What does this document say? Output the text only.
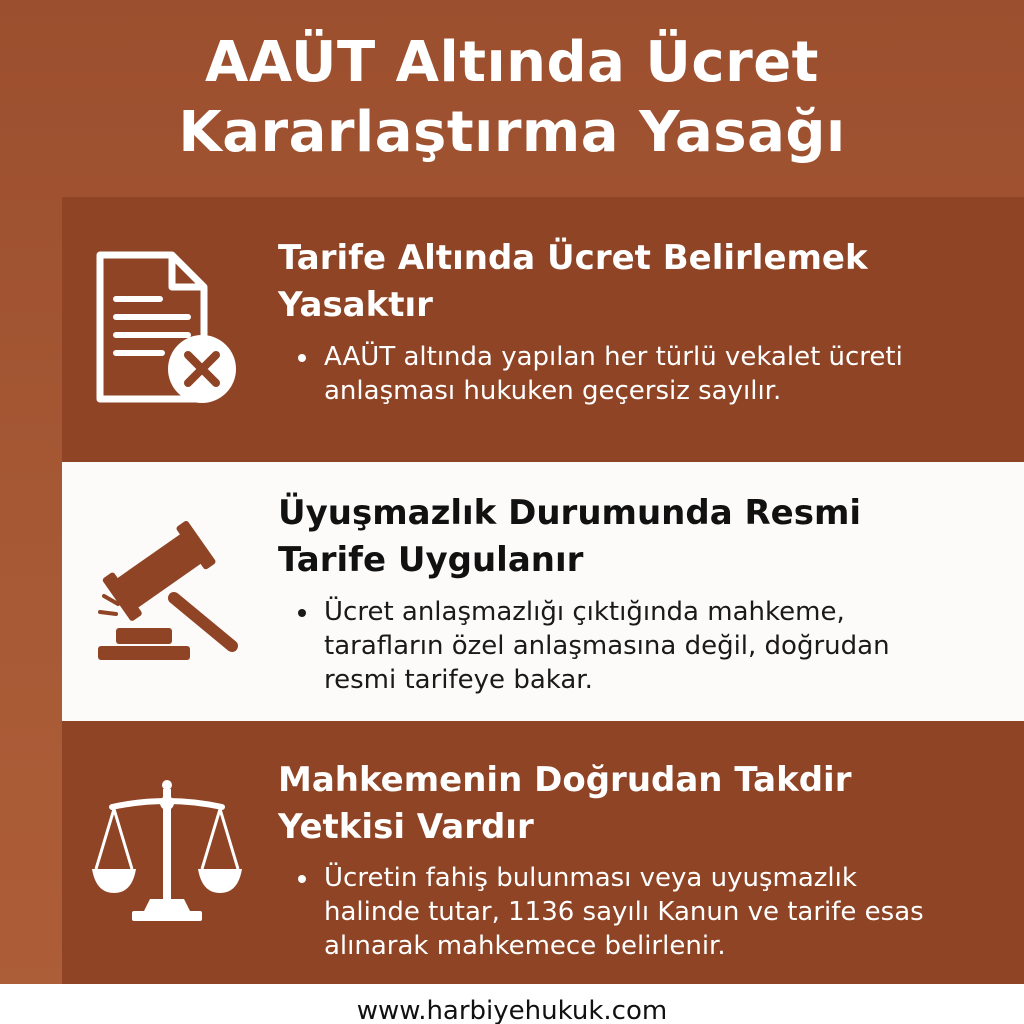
AAÜT Altında Ücret
Kararlaştırma Yasağı
Tarife Altında Ücret Belirlemek
Yasaktır
AAÜT altında yapılan her türlü vekalet ücreti
anlaşması hukuken geçersiz sayılır.
Üyuşmazlık Durumunda Resmi
Tarife Uygulanır
Ücret anlaşmazlığı çıktığında mahkeme,
tarafların özel anlaşmasına değil, doğrudan
resmi tarifeye bakar.
Mahkemenin Doğrudan Takdir
Yetkisi Vardır
Ücretin fahiş bulunması veya uyuşmazlık
halinde tutar, 1136 sayılı Kanun ve tarife esas
alınarak mahkemece belirlenir.
www.harbiyehukuk.com
